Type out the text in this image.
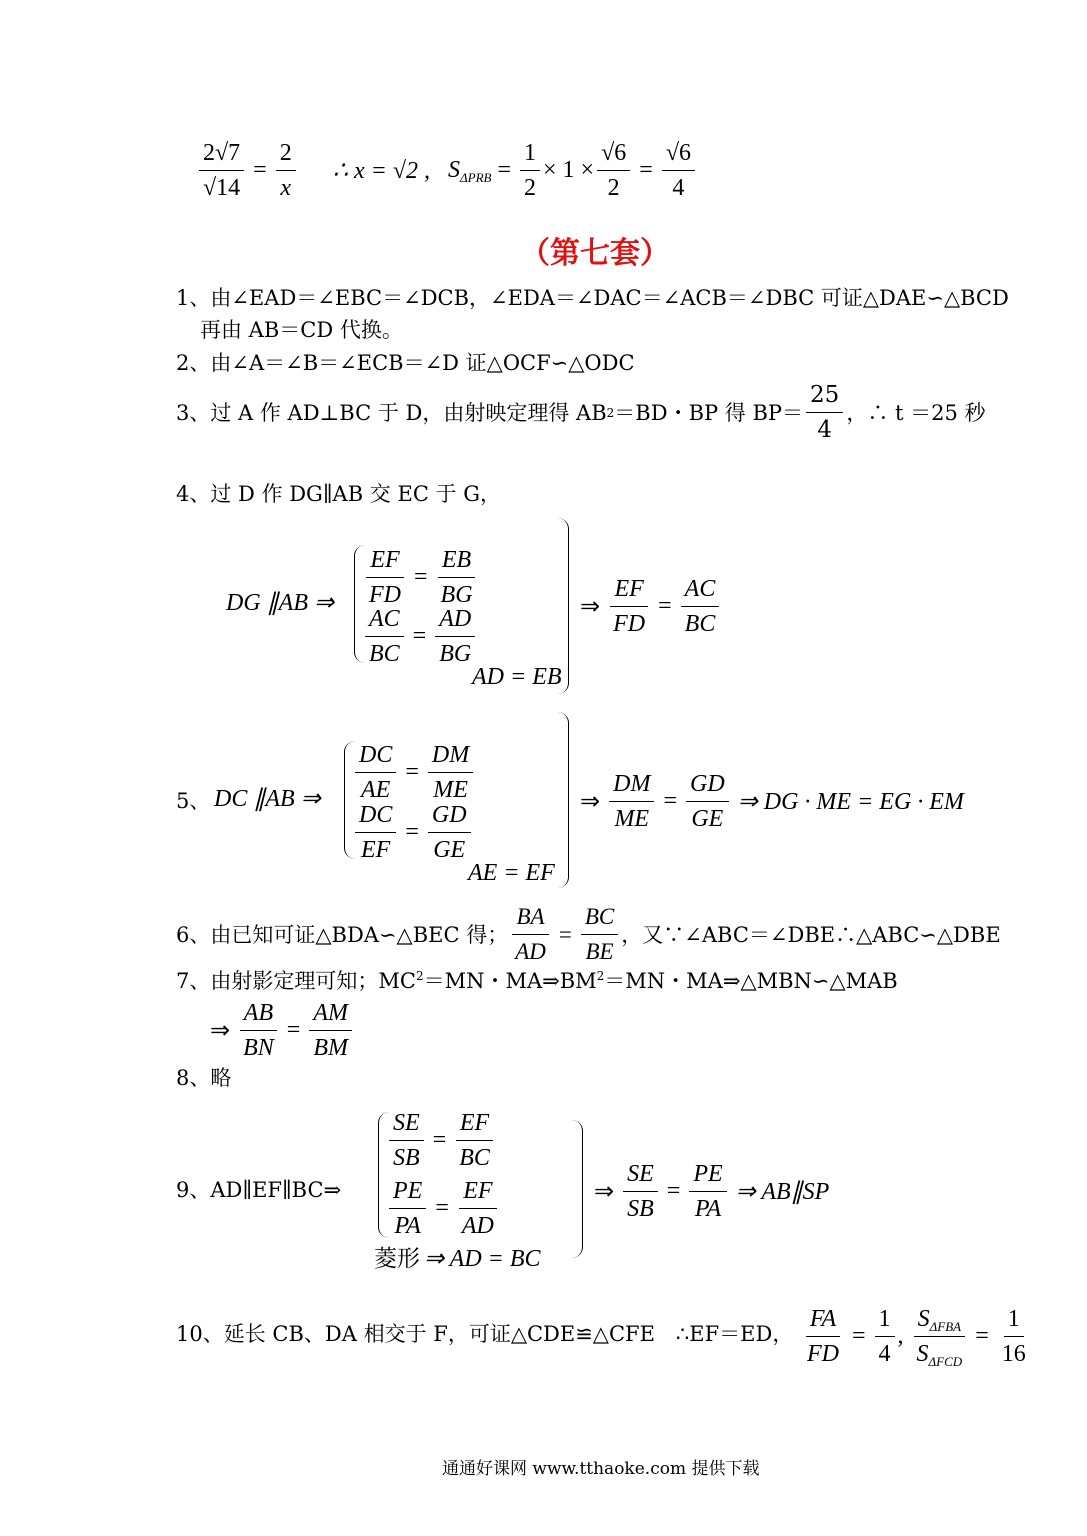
$\frac{2√7}{√14} = \frac{2}{x}$ ∴ x = √2 , $S_{\Delta PRB} = \frac{1}{2} \times 1 \times \frac{√6}{2} = \frac{√6}{4}$
（第七套）
1、由∠EAD＝∠EBC＝∠DCB，∠EDA＝∠DAC＝∠ACB＝∠DBC 可证△DAE∽△BCD
再由 AB＝CD 代换。
2、由∠A＝∠B＝∠ECB＝∠D 证△OCF∽△ODC
3、过 A 作 AD⊥BC 于 D，由射映定理得 AB 2 ＝BD・BP 得 $BP= \frac{25}{4}$ ，∴ t ＝25 秒
4、过 D 作 DG∥AB 交 EC 于 G，
DG ∥AB ⇒ $\frac{EF}{FD} = \frac{EB}{BG}$
$\frac{AC}{BC} = \frac{AD}{BG}$
AD = EB
⇒ $\frac{EF}{FD} = \frac{AC}{BC}$
5、 DC ∥AB ⇒ $\frac{DC}{AE} = \frac{DM}{ME}$
$\frac{DC}{EF} = \frac{GD}{GE}$
AE = EF
⇒ $\frac{DM}{ME} = \frac{GD}{GE}$ ⇒ DG · ME = EG · EM
6、由已知可证△BDA∽△BEC 得； $\frac{BA}{AD} = \frac{BC}{BE}$ ，又∵∠ABC＝∠DBE∴△ABC∽△DBE
7、由射影定理可知；$MC^2=MN$・$MA\Rightarrow BM^2=MN$・MA⇒△MBN∽△MAB
⇒ $\frac{AB}{BN} = \frac{AM}{BM}$
8、略
9、AD∥EF∥BC⇒
$\frac{SE}{SB} = \frac{EF}{BC}$
$\frac{PE}{PA} = \frac{EF}{AD}$
菱形 ⇒ AD = BC
⇒ $\frac{SE}{SB} = \frac{PE}{PA}$ ⇒ AB∥SP
10、延长 CB、DA 相交于 F，可证△CDE≌△CFE　∴EF＝ED， $\frac{FA}{FD} = \frac{1}{4}$ , $\frac{S_{\Delta FBA}}{S_{\Delta FCD}} = \frac{1}{16}$
通通好课网 www.tthaoke.com 提供下载
